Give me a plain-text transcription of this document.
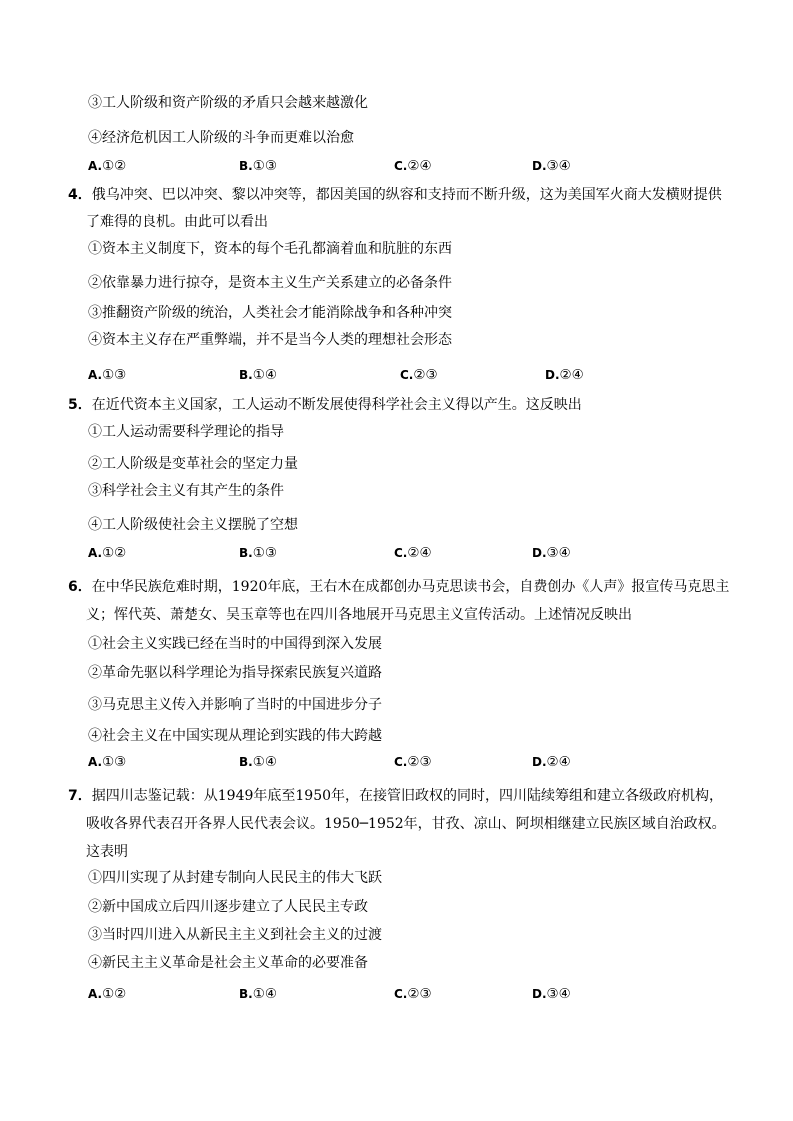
③工人阶级和资产阶级的矛盾只会越来越激化
④经济危机因工人阶级的斗争而更难以治愈
A.①②	B.①③	C.②④	D.③④
4．俄乌冲突、巴以冲突、黎以冲突等，都因美国的纵容和支持而不断升级，这为美国军火商大发横财提供
了难得的良机。由此可以看出
①资本主义制度下，资本的每个毛孔都滴着血和肮脏的东西
②依靠暴力进行掠夺，是资本主义生产关系建立的必备条件
③推翻资产阶级的统治，人类社会才能消除战争和各种冲突
④资本主义存在严重弊端，并不是当今人类的理想社会形态
A.①③	B.①④	C.②③	D.②④
5．在近代资本主义国家，工人运动不断发展使得科学社会主义得以产生。这反映出
①工人运动需要科学理论的指导
②工人阶级是变革社会的坚定力量
③科学社会主义有其产生的条件
④工人阶级使社会主义摆脱了空想
A.①②	B.①③	C.②④	D.③④
6．在中华民族危难时期，1920年底，王右木在成都创办马克思读书会，自费创办《人声》报宣传马克思主
义；恽代英、萧楚女、吴玉章等也在四川各地展开马克思主义宣传活动。上述情况反映出
①社会主义实践已经在当时的中国得到深入发展
②革命先驱以科学理论为指导探索民族复兴道路
③马克思主义传入并影响了当时的中国进步分子
④社会主义在中国实现从理论到实践的伟大跨越
A.①③	B.①④	C.②③	D.②④
7．据四川志鉴记载：从1949年底至1950年，在接管旧政权的同时，四川陆续筹组和建立各级政府机构，
吸收各界代表召开各界人民代表会议。1950─1952年，甘孜、凉山、阿坝相继建立民族区域自治政权。
这表明
①四川实现了从封建专制向人民民主的伟大飞跃
②新中国成立后四川逐步建立了人民民主专政
③当时四川进入从新民主主义到社会主义的过渡
④新民主主义革命是社会主义革命的必要准备
A.①②	B.①④	C.②③	D.③④
